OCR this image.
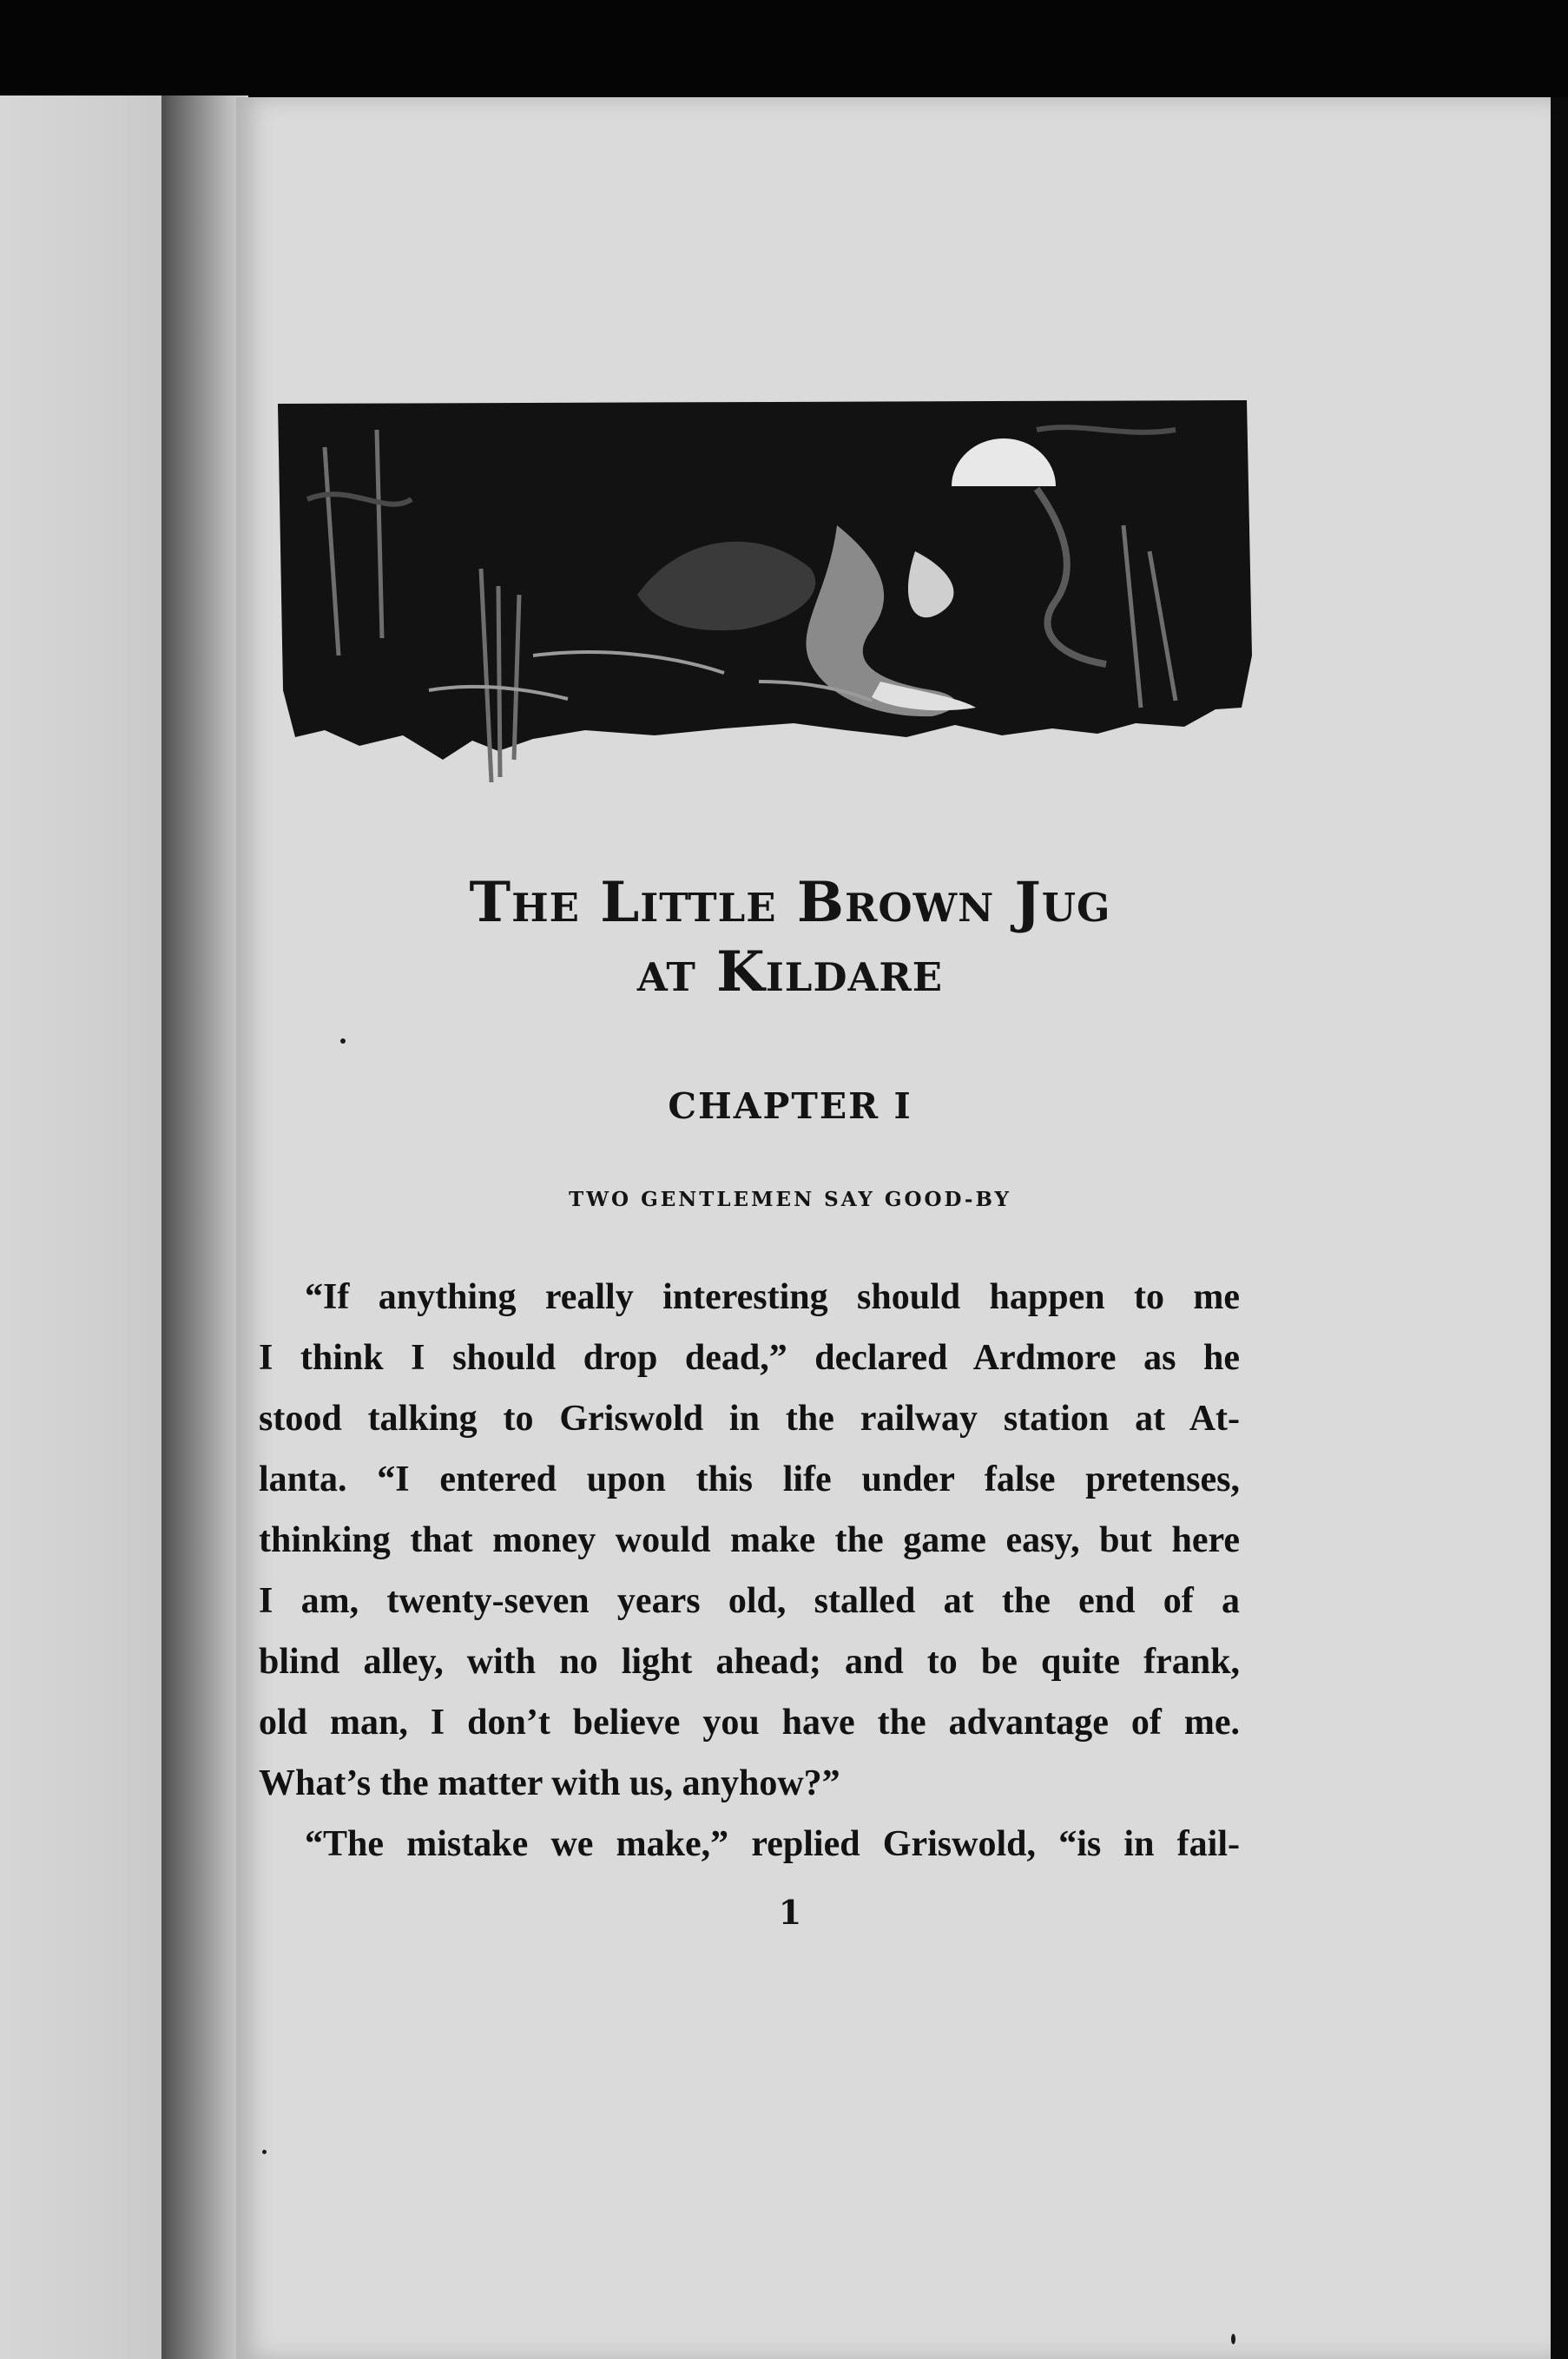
The Little Brown Jug
at Kildare
CHAPTER I
TWO GENTLEMEN SAY GOOD-BY
“If anything really interesting should happen to me
I think I should drop dead,” declared Ardmore as he
stood talking to Griswold in the railway station at At-
lanta. “I entered upon this life under false pretenses,
thinking that money would make the game easy, but here
I am, twenty-seven years old, stalled at the end of a
blind alley, with no light ahead; and to be quite frank,
old man, I don’t believe you have the advantage of me.
What’s the matter with us, anyhow?”
“The mistake we make,” replied Griswold, “is in fail-
1
